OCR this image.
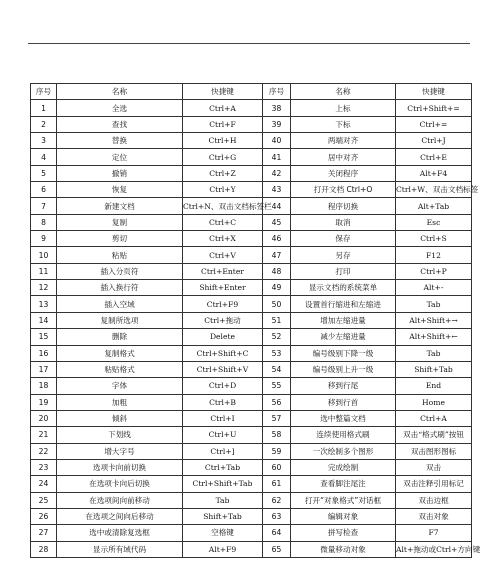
.
序号	名称	快捷键	序号	名称	快捷键
1	全选	Ctrl+A	38	上标	Ctrl+Shift+=
2	查找	Ctrl+F	39	下标	Ctrl+=
3	替换	Ctrl+H	40	两端对齐	Ctrl+J
4	定位	Ctrl+G	41	居中对齐	Ctrl+E
5	撤销	Ctrl+Z	42	关闭程序	Alt+F4
6	恢复	Ctrl+Y	43	打开文档 Ctrl+O	Ctrl+W、双击文档标签
7	新建文档	Ctrl+N、双击文档标签栏	44	程序切换	Alt+Tab
8	复制	Ctrl+C	45	取消	Esc
9	剪切	Ctrl+X	46	保存	Ctrl+S
10	粘贴	Ctrl+V	47	另存	F12
11	插入分页符	Ctrl+Enter	48	打印	Ctrl+P
12	插入换行符	Shift+Enter	49	显示文档的系统菜单	Alt+-
13	插入空域	Ctrl+F9	50	设置首行缩进和左缩进	Tab
14	复制所选项	Ctrl+拖动	51	增加左缩进量	Alt+Shift+→
15	删除	Delete	52	减少左缩进量	Alt+Shift+←
16	复制格式	Ctrl+Shift+C	53	编号级别下降一级	Tab
17	粘贴格式	Ctrl+Shift+V	54	编号级别上升一级	Shift+Tab
18	字体	Ctrl+D	55	移到行尾	End
19	加粗	Ctrl+B	56	移到行首	Home
20	倾斜	Ctrl+I	57	选中整篇文档	Ctrl+A
21	下划线	Ctrl+U	58	连续使用格式刷	双击“格式刷”按钮
22	增大字号	Ctrl+]	59	一次绘制多个图形	双击图形图标
23	选项卡向前切换	Ctrl+Tab	60	完成绘制	双击
24	在选项卡向后切换	Ctrl+Shift+Tab	61	查看脚注尾注	双击注释引用标记
25	在选项间向前移动	Tab	62	打开“对象格式”对话框	双击边框
26	在选项之间向后移动	Shift+Tab	63	编辑对象	双击对象
27	选中或清除复选框	空格键	64	拼写检查	F7
28	显示所有域代码	Alt+F9	65	微量移动对象	Alt+拖动或Ctrl+方向键
